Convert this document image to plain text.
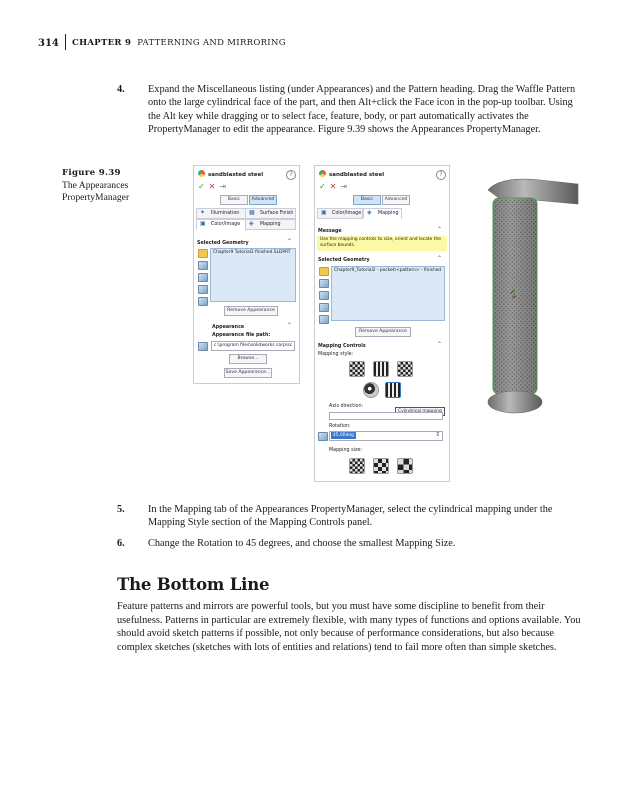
314 CHAPTER 9 PATTERNING AND MIRRORING
4. Expand the Miscellaneous listing (under Appearances) and the Pattern heading. Drag the Waffle Pattern onto the large cylindrical face of the part, and then Alt+click the Face icon in the pop-up toolbar. Using the Alt key while dragging or to select face, feature, body, or part automatically activates the PropertyManager to edit the appearance. Figure 9.39 shows the Appearances PropertyManager.
Figure 9.39
The Appearances PropertyManager
sandblasted steel	?
✓ ✕ ⇥
Basic	Advanced
✦	Illumination	▦	Surface Finish
▣	Color/Image	◈	Mapping
Selected Geometry	⌃
Chapter9 Tutorial2 finished.SLDPRT
Remove Appearance
Appearance	⌃
Appearance file path:
c:\program files\solidworks corp\sc
Browse...
Save Appearance...
sandblasted steel	?
✓ ✕ ⇥
Basic	Advanced
▣	Color/Image ◈	Mapping
Message	⌃
Use the mapping controls to size, orient and locate the surface bounds.
Selected Geometry	⌃
Chapter9_Tutorial2 - pocket\<pattern> - finished
Remove Appearance
Mapping Controls	⌃
Mapping style:
Axis direction:
Rotation:
45.00deg	⇕
Mapping size:
5. In the Mapping tab of the Appearances PropertyManager, select the cylindrical mapping under the Mapping Style section of the Mapping Controls panel.
6. Change the Rotation to 45 degrees, and choose the smallest Mapping Size.
The Bottom Line
Feature patterns and mirrors are powerful tools, but you must have some discipline to benefit from their usefulness. Patterns in particular are extremely flexible, with many types of functions and options available. You should avoid sketch patterns if possible, not only because of performance considerations, but also because complex sketches (sketches with lots of entities and relations) tend to fail more often than simple sketches.
